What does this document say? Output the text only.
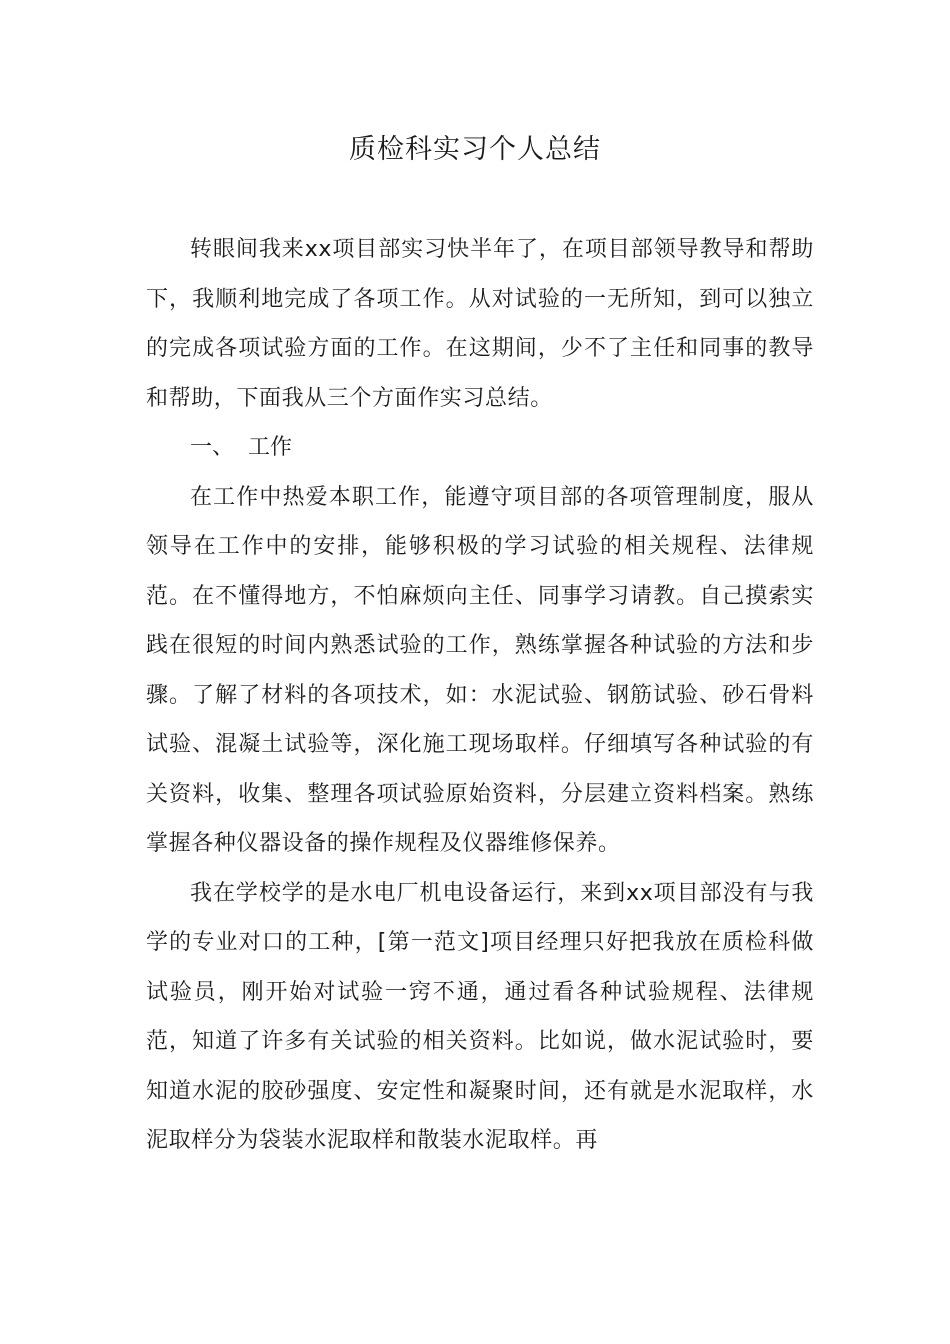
质检科实习个人总结

转眼间我来xx项目部实习快半年了，在项目部领导教导和帮助下，我顺利地完成了各项工作。从对试验的一无所知，到可以独立的完成各项试验方面的工作。在这期间，少不了主任和同事的教导和帮助，下面我从三个方面作实习总结。

一、  工作

在工作中热爱本职工作，能遵守项目部的各项管理制度，服从领导在工作中的安排，能够积极的学习试验的相关规程、法律规范。在不懂得地方，不怕麻烦向主任、同事学习请教。自己摸索实践在很短的时间内熟悉试验的工作，熟练掌握各种试验的方法和步骤。了解了材料的各项技术，如：水泥试验、钢筋试验、砂石骨料试验、混凝土试验等，深化施工现场取样。仔细填写各种试验的有关资料，收集、整理各项试验原始资料，分层建立资料档案。熟练掌握各种仪器设备的操作规程及仪器维修保养。

我在学校学的是水电厂机电设备运行，来到xx项目部没有与我学的专业对口的工种，[第一范文]项目经理只好把我放在质检科做试验员，刚开始对试验一窍不通，通过看各种试验规程、法律规范，知道了许多有关试验的相关资料。比如说，做水泥试验时，要知道水泥的胶砂强度、安定性和凝聚时间，还有就是水泥取样，水泥取样分为袋装水泥取样和散装水泥取样。再
